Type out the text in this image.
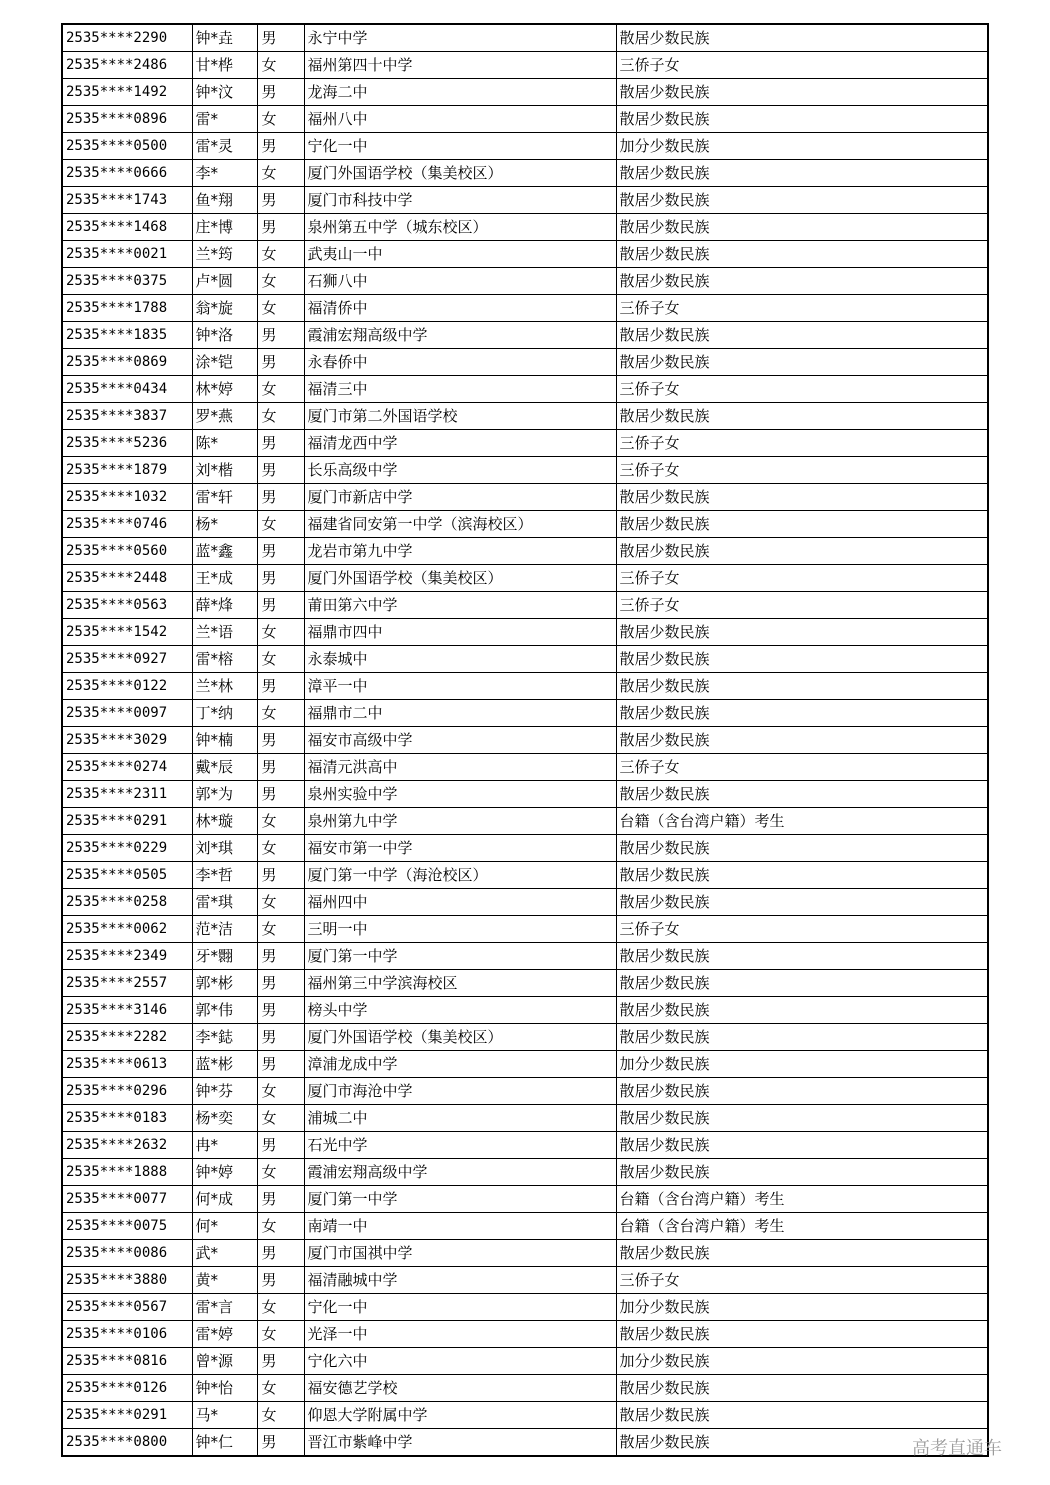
2535****2290	钟*垚	男	永宁中学	散居少数民族
2535****2486	甘*桦	女	福州第四十中学	三侨子女
2535****1492	钟*汶	男	龙海二中	散居少数民族
2535****0896	雷*	女	福州八中	散居少数民族
2535****0500	雷*灵	男	宁化一中	加分少数民族
2535****0666	李*	女	厦门外国语学校（集美校区）	散居少数民族
2535****1743	鱼*翔	男	厦门市科技中学	散居少数民族
2535****1468	庄*博	男	泉州第五中学（城东校区）	散居少数民族
2535****0021	兰*筠	女	武夷山一中	散居少数民族
2535****0375	卢*圆	女	石狮八中	散居少数民族
2535****1788	翁*旋	女	福清侨中	三侨子女
2535****1835	钟*洛	男	霞浦宏翔高级中学	散居少数民族
2535****0869	涂*铠	男	永春侨中	散居少数民族
2535****0434	林*婷	女	福清三中	三侨子女
2535****3837	罗*燕	女	厦门市第二外国语学校	散居少数民族
2535****5236	陈*	男	福清龙西中学	三侨子女
2535****1879	刘*楷	男	长乐高级中学	三侨子女
2535****1032	雷*轩	男	厦门市新店中学	散居少数民族
2535****0746	杨*	女	福建省同安第一中学（滨海校区）	散居少数民族
2535****0560	蓝*鑫	男	龙岩市第九中学	散居少数民族
2535****2448	王*成	男	厦门外国语学校（集美校区）	三侨子女
2535****0563	薛*烽	男	莆田第六中学	三侨子女
2535****1542	兰*语	女	福鼎市四中	散居少数民族
2535****0927	雷*榕	女	永泰城中	散居少数民族
2535****0122	兰*林	男	漳平一中	散居少数民族
2535****0097	丁*纳	女	福鼎市二中	散居少数民族
2535****3029	钟*楠	男	福安市高级中学	散居少数民族
2535****0274	戴*辰	男	福清元洪高中	三侨子女
2535****2311	郭*为	男	泉州实验中学	散居少数民族
2535****0291	林*璇	女	泉州第九中学	台籍（含台湾户籍）考生
2535****0229	刘*琪	女	福安市第一中学	散居少数民族
2535****0505	李*哲	男	厦门第一中学（海沧校区）	散居少数民族
2535****0258	雷*琪	女	福州四中	散居少数民族
2535****0062	范*洁	女	三明一中	三侨子女
2535****2349	牙*翾	男	厦门第一中学	散居少数民族
2535****2557	郭*彬	男	福州第三中学滨海校区	散居少数民族
2535****3146	郭*伟	男	榜头中学	散居少数民族
2535****2282	李*鋕	男	厦门外国语学校（集美校区）	散居少数民族
2535****0613	蓝*彬	男	漳浦龙成中学	加分少数民族
2535****0296	钟*芬	女	厦门市海沧中学	散居少数民族
2535****0183	杨*奕	女	浦城二中	散居少数民族
2535****2632	冉*	男	石光中学	散居少数民族
2535****1888	钟*婷	女	霞浦宏翔高级中学	散居少数民族
2535****0077	何*成	男	厦门第一中学	台籍（含台湾户籍）考生
2535****0075	何*	女	南靖一中	台籍（含台湾户籍）考生
2535****0086	武*	男	厦门市国祺中学	散居少数民族
2535****3880	黄*	男	福清融城中学	三侨子女
2535****0567	雷*言	女	宁化一中	加分少数民族
2535****0106	雷*婷	女	光泽一中	散居少数民族
2535****0816	曾*源	男	宁化六中	加分少数民族
2535****0126	钟*怡	女	福安德艺学校	散居少数民族
2535****0291	马*	女	仰恩大学附属中学	散居少数民族
2535****0800	钟*仁	男	晋江市紫峰中学	散居少数民族	高考直通车
